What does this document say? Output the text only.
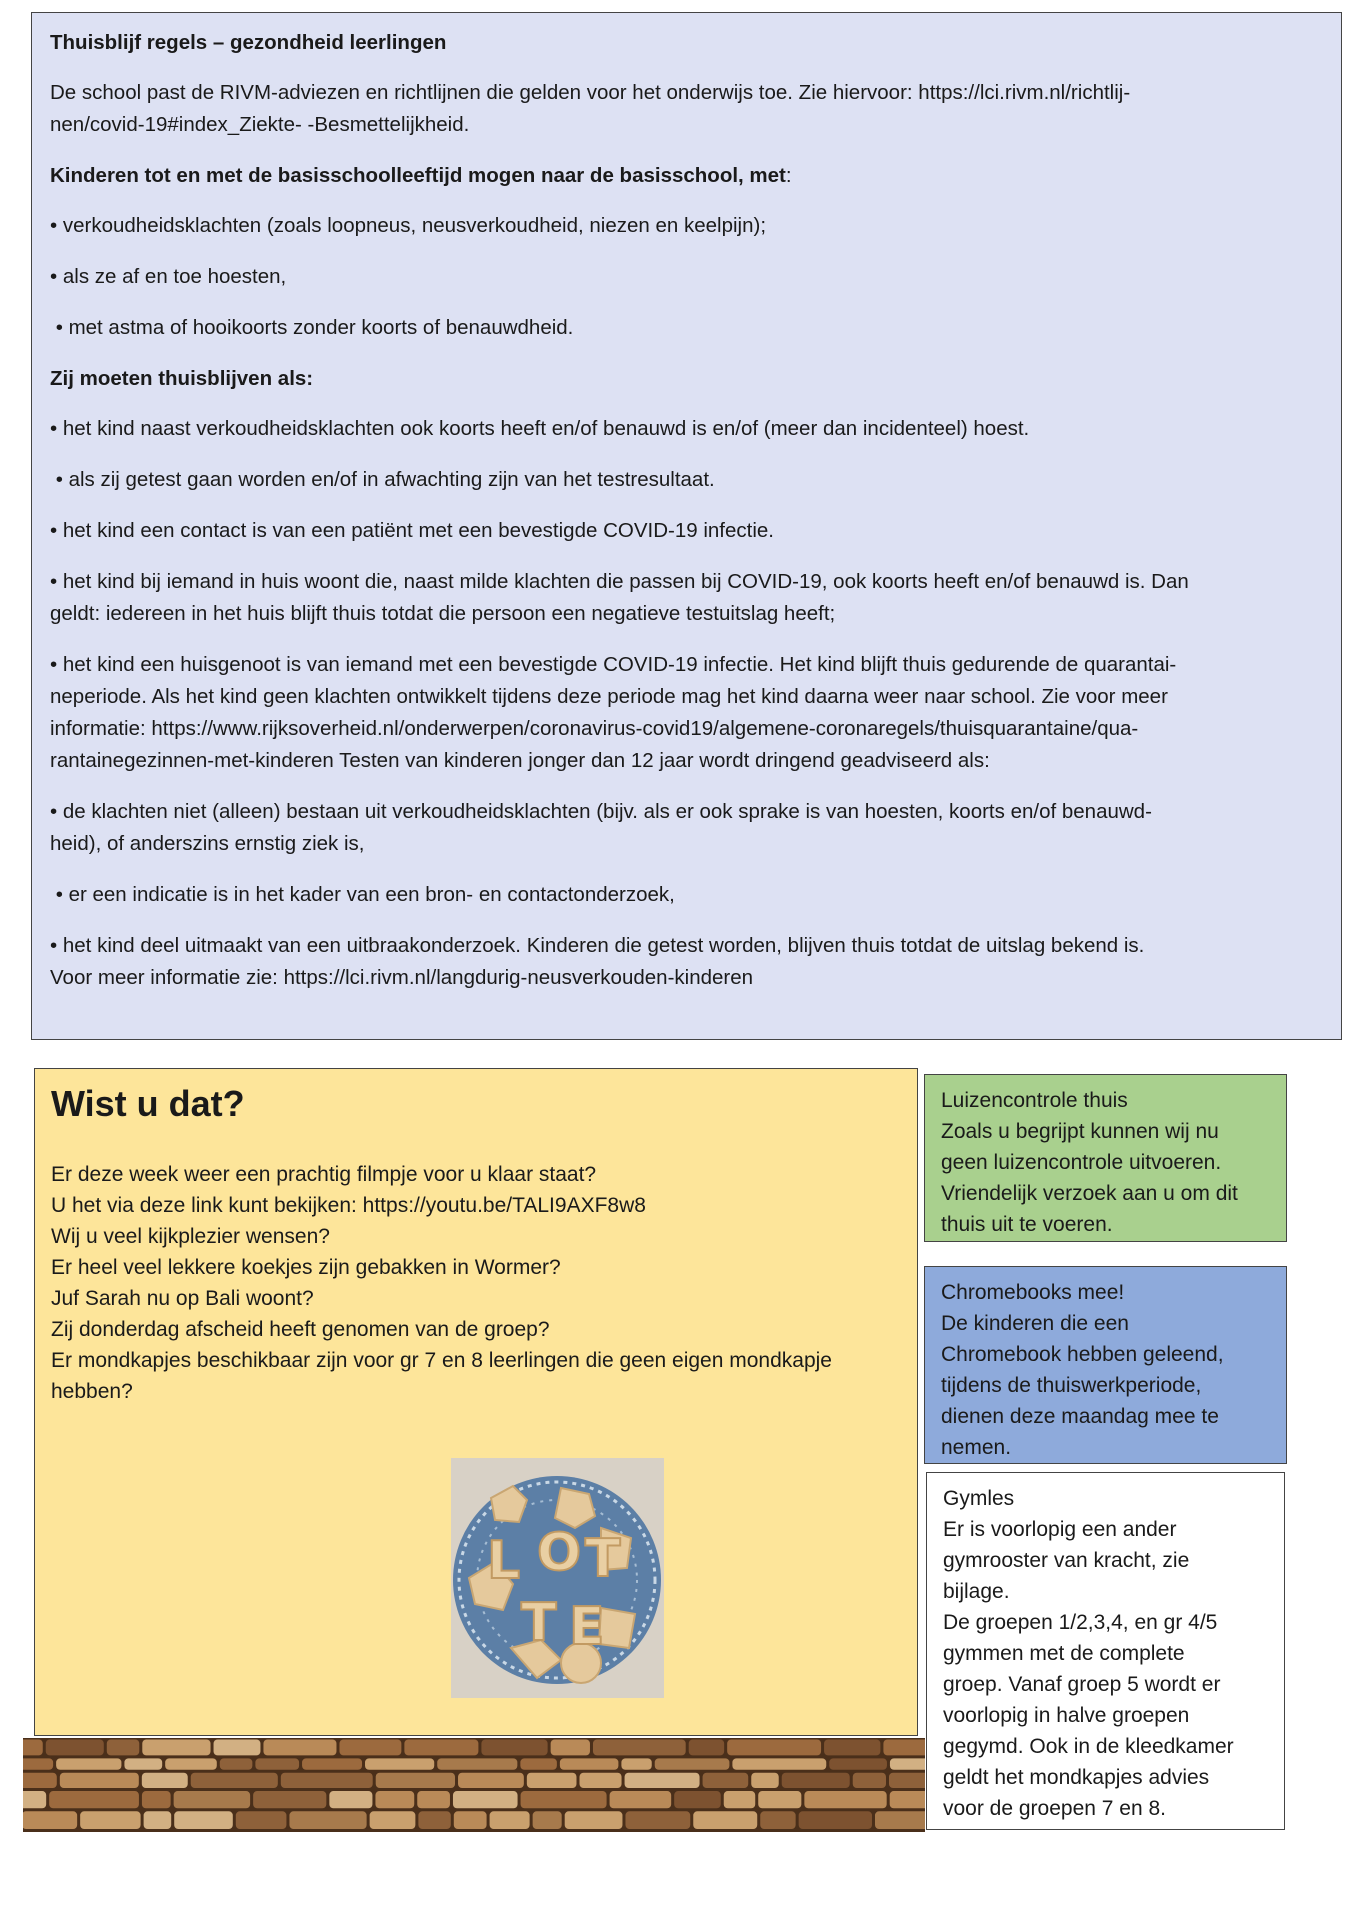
Thuisblijf regels – gezondheid leerlingen

De school past de RIVM-adviezen en richtlijnen die gelden voor het onderwijs toe. Zie hiervoor: https://lci.rivm.nl/richtlij-
nen/covid-19#index_Ziekte- -Besmettelijkheid.

Kinderen tot en met de basisschoolleeftijd mogen naar de basisschool, met:

• verkoudheidsklachten (zoals loopneus, neusverkoudheid, niezen en keelpijn);

• als ze af en toe hoesten,

• met astma of hooikoorts zonder koorts of benauwdheid.

Zij moeten thuisblijven als:

• het kind naast verkoudheidsklachten ook koorts heeft en/of benauwd is en/of (meer dan incidenteel) hoest.

• als zij getest gaan worden en/of in afwachting zijn van het testresultaat.

• het kind een contact is van een patiënt met een bevestigde COVID-19 infectie.

• het kind bij iemand in huis woont die, naast milde klachten die passen bij COVID-19, ook koorts heeft en/of benauwd is. Dan
geldt: iedereen in het huis blijft thuis totdat die persoon een negatieve testuitslag heeft;

• het kind een huisgenoot is van iemand met een bevestigde COVID-19 infectie. Het kind blijft thuis gedurende de quarantai-
neperiode. Als het kind geen klachten ontwikkelt tijdens deze periode mag het kind daarna weer naar school. Zie voor meer
informatie: https://www.rijksoverheid.nl/onderwerpen/coronavirus-covid19/algemene-coronaregels/thuisquarantaine/qua-
rantainegezinnen-met-kinderen Testen van kinderen jonger dan 12 jaar wordt dringend geadviseerd als:

• de klachten niet (alleen) bestaan uit verkoudheidsklachten (bijv. als er ook sprake is van hoesten, koorts en/of benauwd-
heid), of anderszins ernstig ziek is,

• er een indicatie is in het kader van een bron- en contactonderzoek,

• het kind deel uitmaakt van een uitbraakonderzoek. Kinderen die getest worden, blijven thuis totdat de uitslag bekend is.
Voor meer informatie zie: https://lci.rivm.nl/langdurig-neusverkouden-kinderen

Wist u dat?

Er deze week weer een prachtig filmpje voor u klaar staat?

U het via deze link kunt bekijken: https://youtu.be/TALI9AXF8w8

Wij u veel kijkplezier wensen?

Er heel veel lekkere koekjes zijn gebakken in Wormer?

Juf Sarah nu op Bali woont?

Zij donderdag afscheid heeft genomen van de groep?

Er mondkapjes beschikbaar zijn voor gr 7 en 8 leerlingen die geen eigen mondkapje

hebben?

L O T
T E

Luizencontrole thuis

Zoals u begrijpt kunnen wij nu

geen luizencontrole uitvoeren.

Vriendelijk verzoek aan u om dit

thuis uit te voeren.

Chromebooks mee!

De kinderen die een

Chromebook hebben geleend,

tijdens de thuiswerkperiode,

dienen deze maandag mee te

nemen.

Gymles

Er is voorlopig een ander

gymrooster van kracht, zie

bijlage.

De groepen 1/2,3,4, en gr 4/5

gymmen met de complete

groep. Vanaf groep 5 wordt er

voorlopig in halve groepen

gegymd. Ook in de kleedkamer

geldt het mondkapjes advies

voor de groepen 7 en 8.
